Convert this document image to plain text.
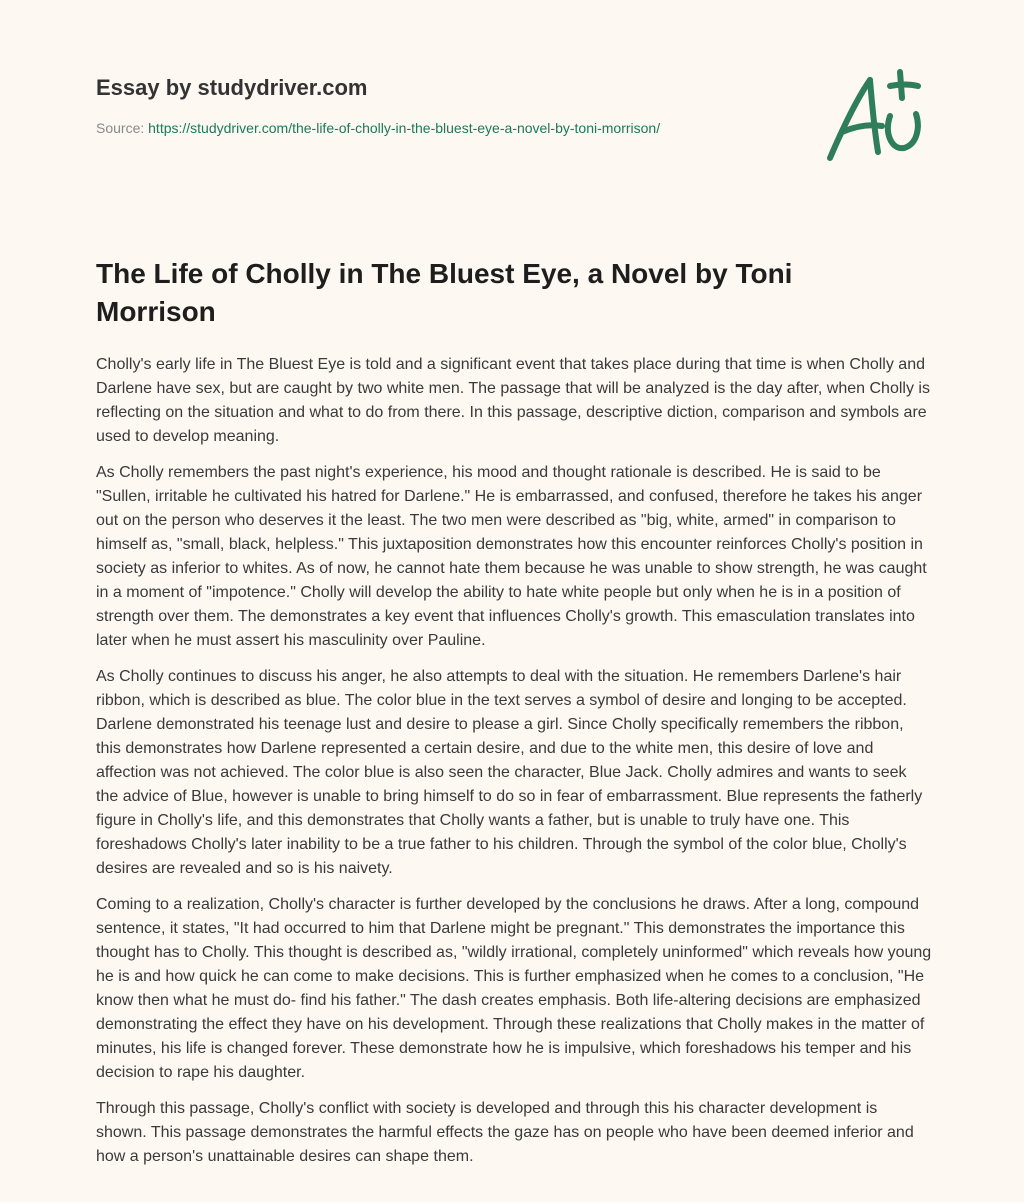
Essay by studydriver.com
Source: https://studydriver.com/the-life-of-cholly-in-the-bluest-eye-a-novel-by-toni-morrison/
The Life of Cholly in The Bluest Eye, a Novel by Toni Morrison

Cholly's early life in The Bluest Eye is told and a significant event that takes place during that time is when Cholly and Darlene have sex, but are caught by two white men. The passage that will be analyzed is the day after, when Cholly is reflecting on the situation and what to do from there. In this passage, descriptive diction, comparison and symbols are used to develop meaning.

As Cholly remembers the past night's experience, his mood and thought rationale is described. He is said to be "Sullen, irritable he cultivated his hatred for Darlene." He is embarrassed, and confused, therefore he takes his anger out on the person who deserves it the least. The two men were described as "big, white, armed" in comparison to himself as, "small, black, helpless." This juxtaposition demonstrates how this encounter reinforces Cholly's position in society as inferior to whites. As of now, he cannot hate them because he was unable to show strength, he was caught in a moment of "impotence." Cholly will develop the ability to hate white people but only when he is in a position of strength over them. The demonstrates a key event that influences Cholly's growth. This emasculation translates into later when he must assert his masculinity over Pauline.

As Cholly continues to discuss his anger, he also attempts to deal with the situation. He remembers Darlene's hair ribbon, which is described as blue. The color blue in the text serves a symbol of desire and longing to be accepted. Darlene demonstrated his teenage lust and desire to please a girl. Since Cholly specifically remembers the ribbon, this demonstrates how Darlene represented a certain desire, and due to the white men, this desire of love and affection was not achieved. The color blue is also seen the character, Blue Jack. Cholly admires and wants to seek the advice of Blue, however is unable to bring himself to do so in fear of embarrassment. Blue represents the fatherly figure in Cholly's life, and this demonstrates that Cholly wants a father, but is unable to truly have one. This foreshadows Cholly's later inability to be a true father to his children. Through the symbol of the color blue, Cholly's desires are revealed and so is his naivety.

Coming to a realization, Cholly's character is further developed by the conclusions he draws. After a long, compound sentence, it states, "It had occurred to him that Darlene might be pregnant." This demonstrates the importance this thought has to Cholly. This thought is described as, "wildly irrational, completely uninformed" which reveals how young he is and how quick he can come to make decisions. This is further emphasized when he comes to a conclusion, "He know then what he must do- find his father." The dash creates emphasis. Both life-altering decisions are emphasized demonstrating the effect they have on his development. Through these realizations that Cholly makes in the matter of minutes, his life is changed forever. These demonstrate how he is impulsive, which foreshadows his temper and his decision to rape his daughter.

Through this passage, Cholly's conflict with society is developed and through this his character development is shown. This passage demonstrates the harmful effects the gaze has on people who have been deemed inferior and how a person's unattainable desires can shape them.
